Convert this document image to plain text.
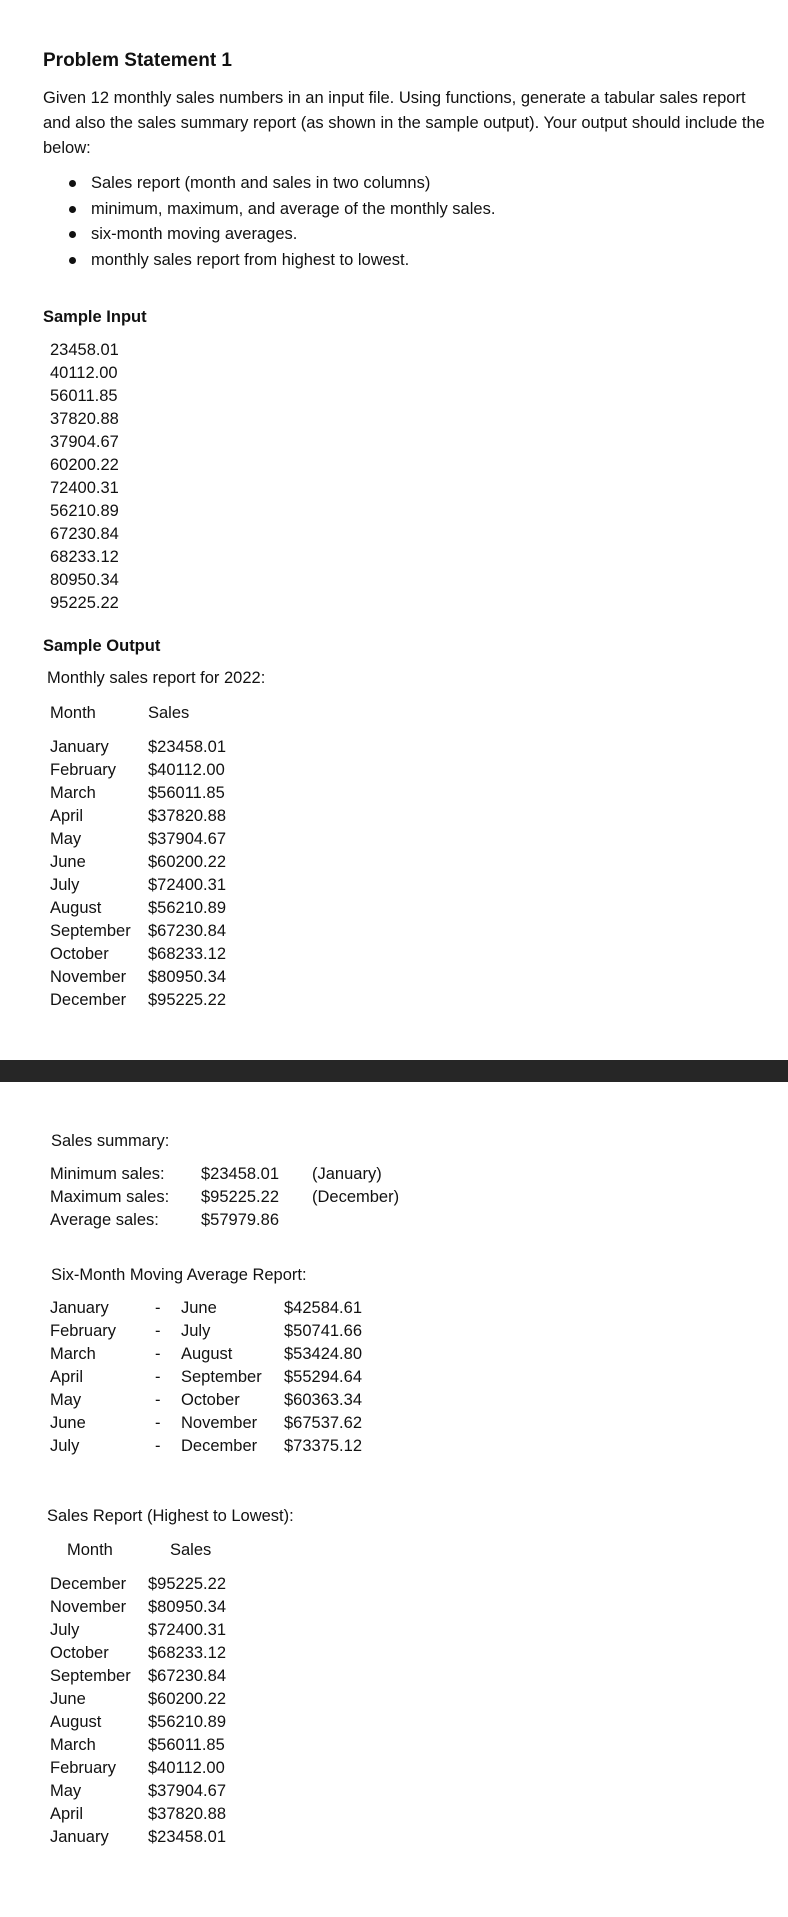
Problem Statement 1

Given 12 monthly sales numbers in an input file. Using functions, generate a tabular sales report and also the sales summary report (as shown in the sample output). Your output should include the below:

Sales report (month and sales in two columns)
minimum, maximum, and average of the monthly sales.
six-month moving averages.
monthly sales report from highest to lowest.
Sample Input
23458.01
40112.00
56011.85
37820.88
37904.67
60200.22
72400.31
56210.89
67230.84
68233.12
80950.34
95225.22
Sample Output

Monthly sales report for 2022:

Month	Sales
January	$23458.01
February	$40112.00
March	$56011.85
April	$37820.88
May	$37904.67
June	$60200.22
July	$72400.31
August	$56210.89
September	$67230.84
October	$68233.12
November	$80950.34
December	$95225.22

Sales summary:

Minimum sales:	$23458.01	(January)
Maximum sales:	$95225.22	(December)
Average sales:	$57979.86	

Six-Month Moving Average Report:

January	-	June	$42584.61
February	-	July	$50741.66
March	-	August	$53424.80
April	-	September	$55294.64
May	-	October	$60363.34
June	-	November	$67537.62
July	-	December	$73375.12

Sales Report (Highest to Lowest):

Month	Sales
December	$95225.22
November	$80950.34
July	$72400.31
October	$68233.12
September	$67230.84
June	$60200.22
August	$56210.89
March	$56011.85
February	$40112.00
May	$37904.67
April	$37820.88
January	$23458.01
